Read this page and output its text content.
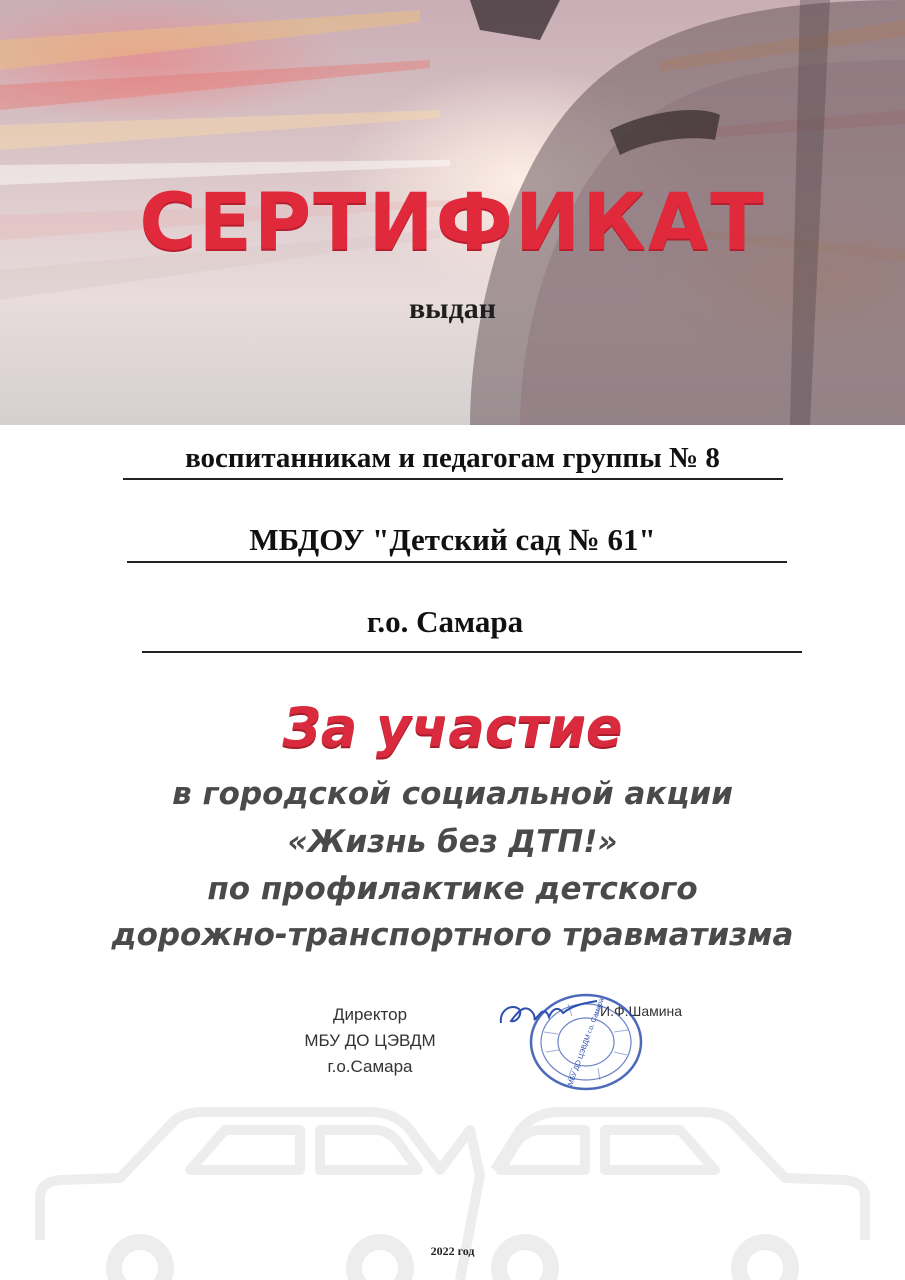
СЕРТИФИКАТ
выдан
воспитанникам и педагогам группы № 8
МБДОУ "Детский сад № 61"
г.о. Самара
За участие
в городской социальной акции
«Жизнь без ДТП!»
по профилактике детского
дорожно-транспортного травматизма
Директор
МБУ ДО ЦЭВДМ
г.о.Самара
И.Ф.Шамина
МБУ ДО ЦЭВДМ г.о. Самара
2022 год
